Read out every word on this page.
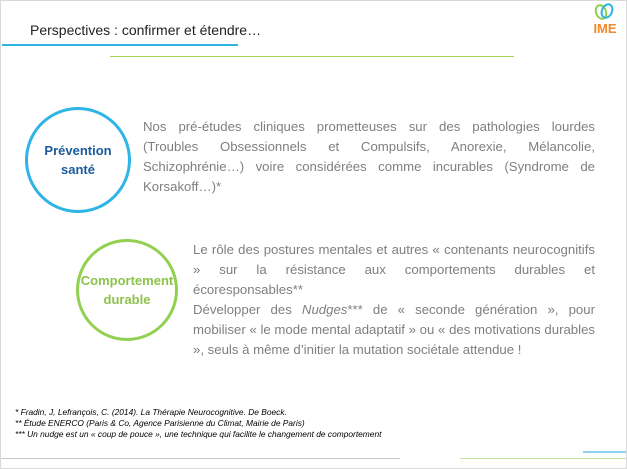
Perspectives : confirmer et étendre…	IME
Prévention
santé

Nos pré-études cliniques prometteuses sur des pathologies lourdes (Troubles Obsessionnels et Compulsifs, Anorexie, Mélancolie, Schizophrénie…) voire considérées comme incurables (Syndrome de Korsakoff…)*

Comportement
durable

Le rôle des postures mentales et autres « contenants neurocognitifs » sur la résistance aux comportements durables et écoresponsables**

Développer des Nudges*** de « seconde génération », pour mobiliser « le mode mental adaptatif » ou « des motivations durables », seuls à même d’initier la mutation sociétale attendue !

* Fradin, J, Lefrançois, C. (2014). La Thérapie Neurocognitive. De Boeck.
** Étude ENERCO (Paris & Co, Agence Parisienne du Climat, Mairie de Paris)
*** Un nudge est un « coup de pouce », une technique qui facilite le changement de comportement
